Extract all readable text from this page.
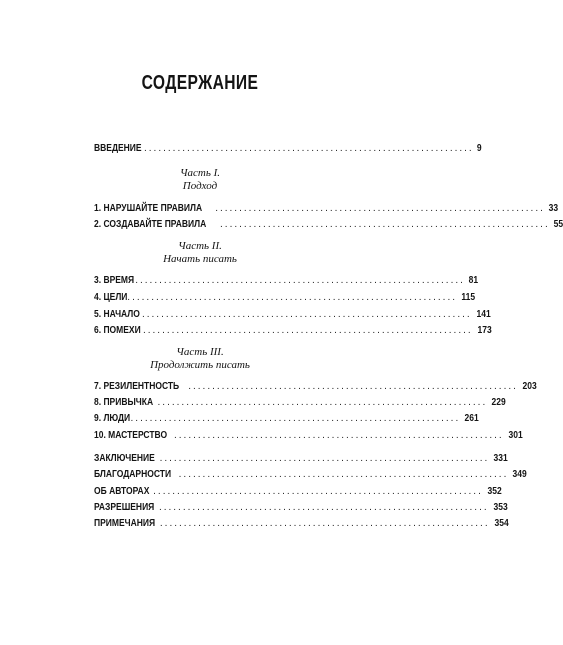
СОДЕРЖАНИЕ
ВВЕДЕНИЕ ..................................................................... 9
Часть I.
Подход
1. НАРУШАЙТЕ ПРАВИЛА ..................................................................... 33
2. СОЗДАВАЙТЕ ПРАВИЛА ..................................................................... 55
Часть II.
Начать писать
3. ВРЕМЯ ..................................................................... 81
4. ЦЕЛИ ..................................................................... 115
5. НАЧАЛО ..................................................................... 141
6. ПОМЕХИ ..................................................................... 173
Часть III.
Продолжить писать
7. РЕЗИЛЕНТНОСТЬ ..................................................................... 203
8. ПРИВЫЧКА ..................................................................... 229
9. ЛЮДИ ..................................................................... 261
10. МАСТЕРСТВО ..................................................................... 301
ЗАКЛЮЧЕНИЕ ..................................................................... 331
БЛАГОДАРНОСТИ ..................................................................... 349
ОБ АВТОРАХ ..................................................................... 352
РАЗРЕШЕНИЯ ..................................................................... 353
ПРИМЕЧАНИЯ ..................................................................... 354
